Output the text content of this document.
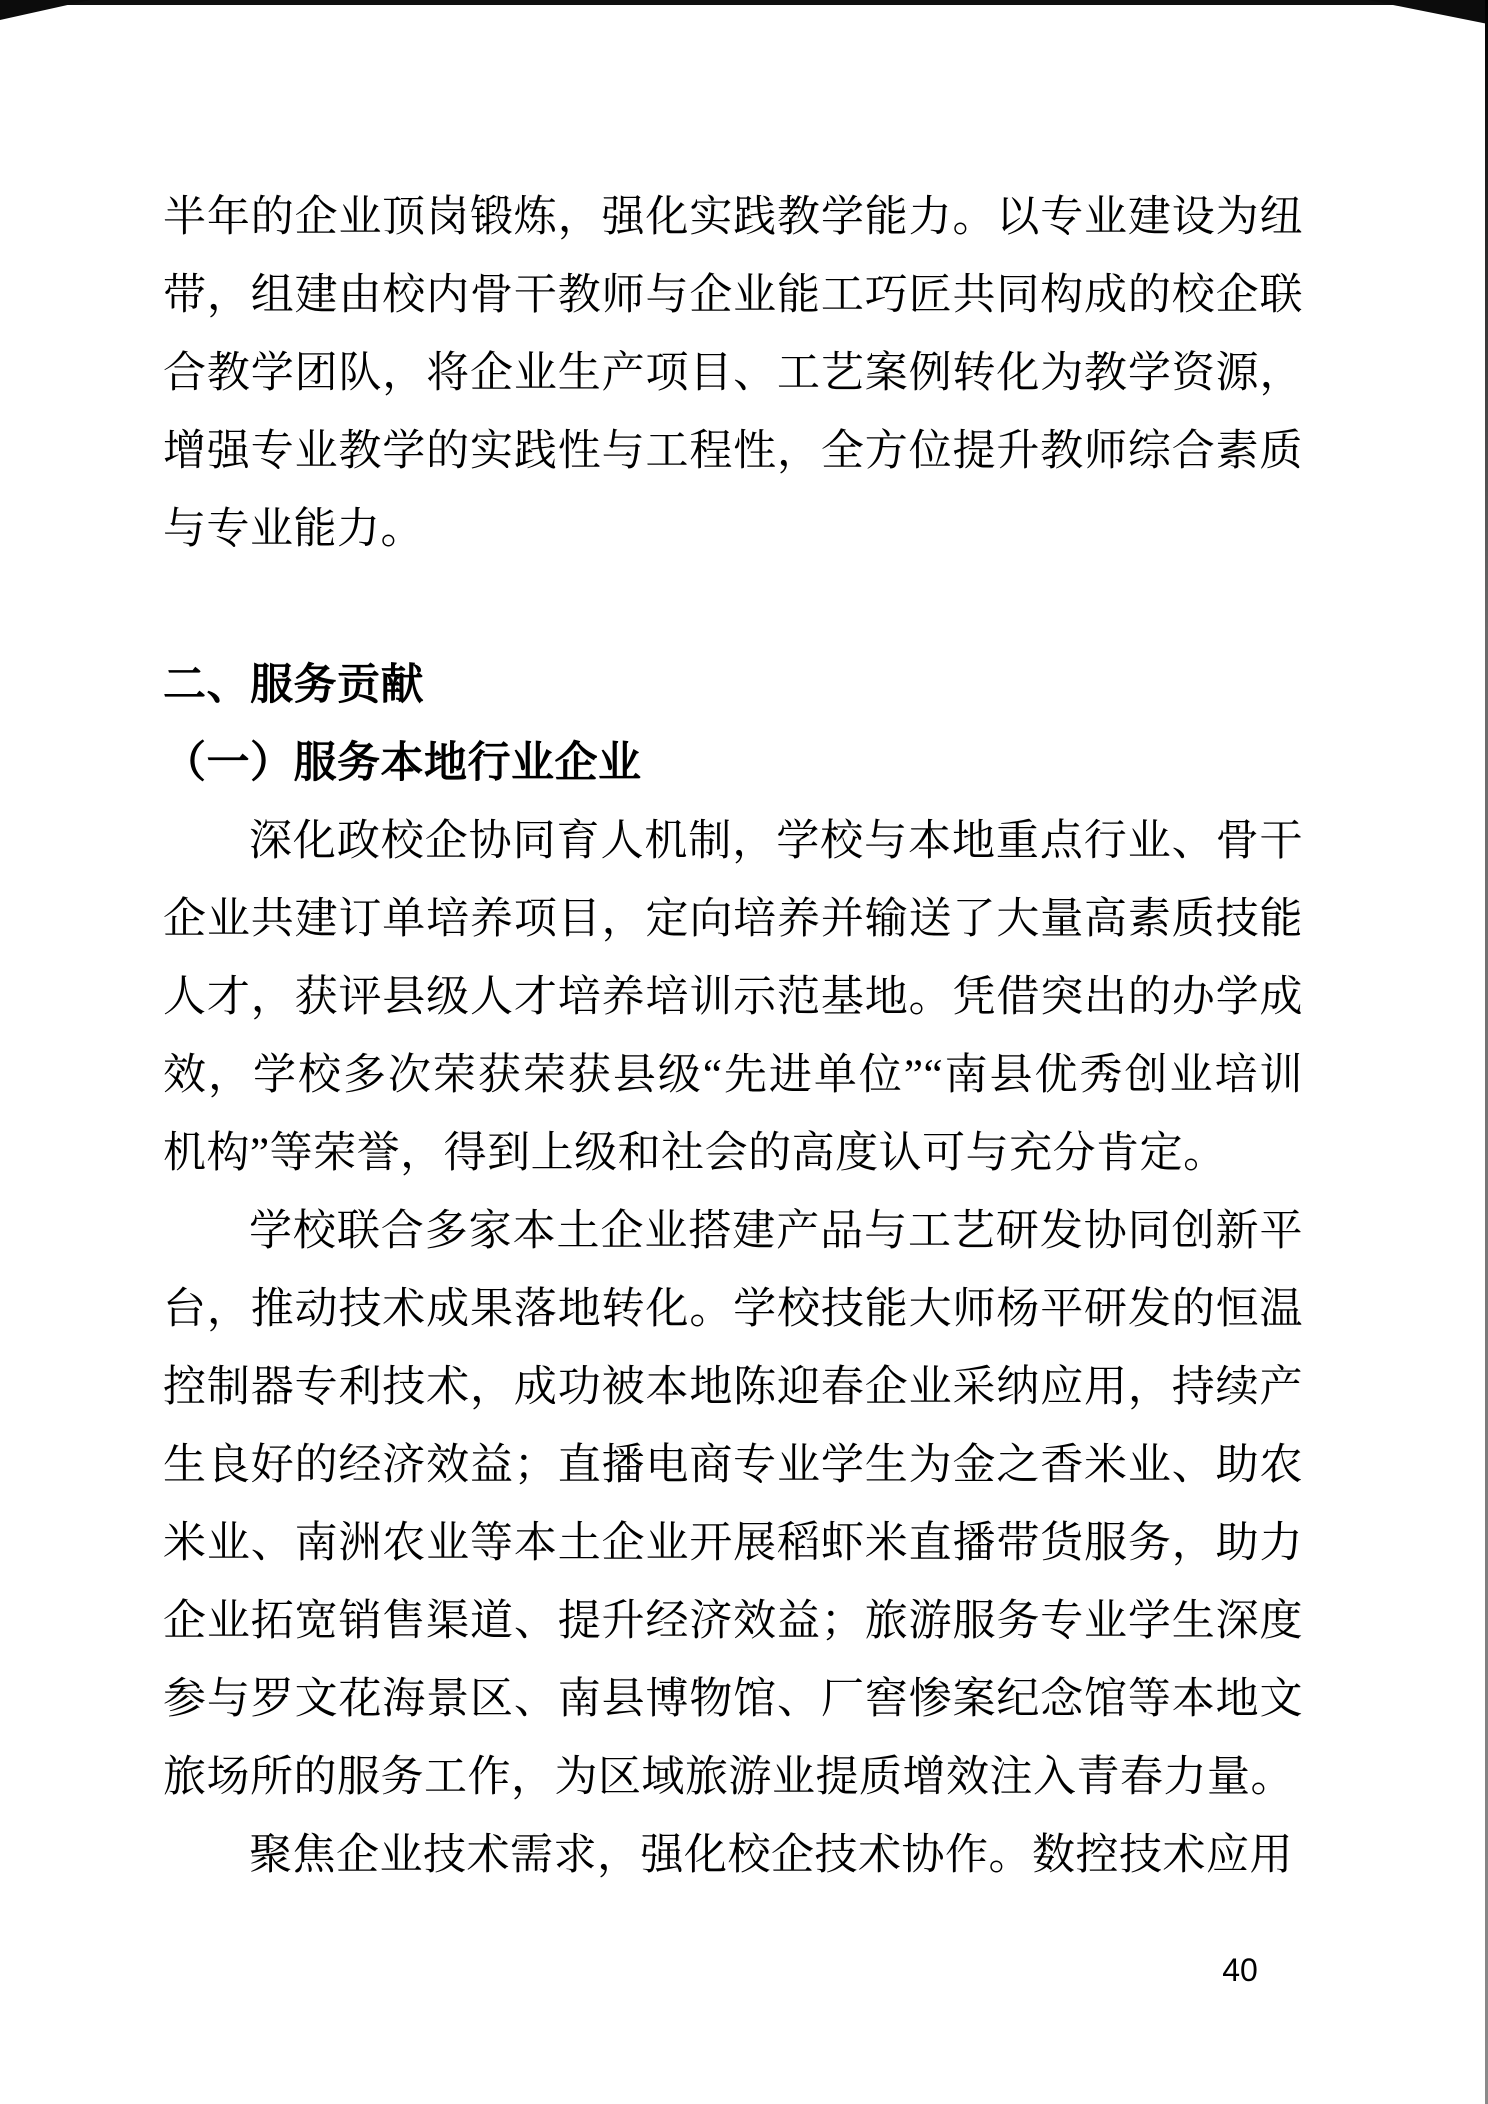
半年的企业顶岗锻炼，强化实践教学能力。以专业建设为纽带，组建由校内骨干教师与企业能工巧匠共同构成的校企联合教学团队，将企业生产项目、工艺案例转化为教学资源，增强专业教学的实践性与工程性，全方位提升教师综合素质与专业能力。

二、服务贡献

（一）服务本地行业企业

深化政校企协同育人机制，学校与本地重点行业、骨干企业共建订单培养项目，定向培养并输送了大量高素质技能人才，获评县级人才培养培训示范基地。凭借突出的办学成效，学校多次荣获荣获县级“先进单位”“南县优秀创业培训机构”等荣誉，得到上级和社会的高度认可与充分肯定。

学校联合多家本土企业搭建产品与工艺研发协同创新平台，推动技术成果落地转化。学校技能大师杨平研发的恒温控制器专利技术，成功被本地陈迎春企业采纳应用，持续产生良好的经济效益；直播电商专业学生为金之香米业、助农米业、南洲农业等本土企业开展稻虾米直播带货服务，助力企业拓宽销售渠道、提升经济效益；旅游服务专业学生深度参与罗文花海景区、南县博物馆、厂窖惨案纪念馆等本地文旅场所的服务工作，为区域旅游业提质增效注入青春力量。

聚焦企业技术需求，强化校企技术协作。数控技术应用

40
